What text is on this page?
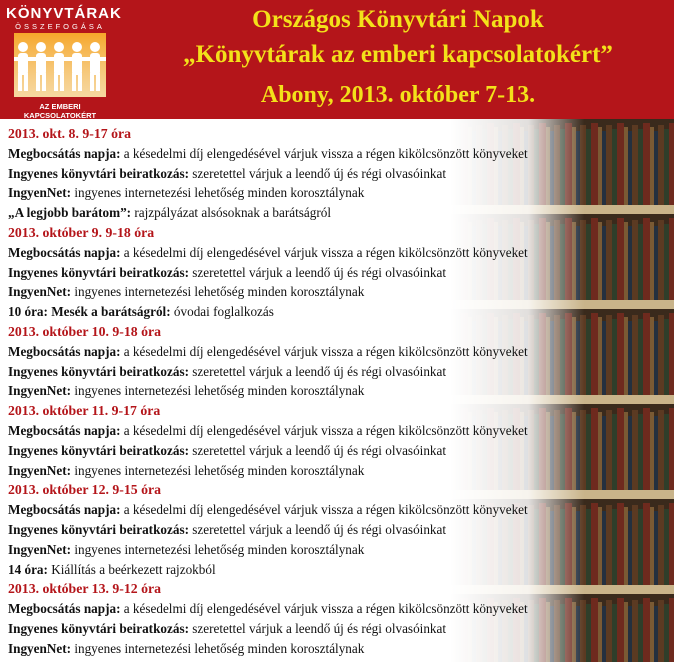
KÖNYVTÁRAK
ÖSSZEFOGÁSA
AZ EMBERI KAPCSOLATOKÉRT
Országos Könyvtári Napok
„Könyvtárak az emberi kapcsolatokért”
Abony, 2013. október 7-13.
2013. okt. 8. 9-17 óra
Megbocsátás napja: a késedelmi díj elengedésével várjuk vissza a régen kikölcsönzött könyveket
Ingyenes könyvtári beiratkozás: szeretettel várjuk a leendő új és régi olvasóinkat
IngyenNet: ingyenes internetezési lehetőség minden korosztálynak
„A legjobb barátom”: rajzpályázat alsósoknak a barátságról
2013. október 9. 9-18 óra
Megbocsátás napja: a késedelmi díj elengedésével várjuk vissza a régen kikölcsönzött könyveket
Ingyenes könyvtári beiratkozás: szeretettel várjuk a leendő új és régi olvasóinkat
IngyenNet: ingyenes internetezési lehetőség minden korosztálynak
10 óra: Mesék a barátságról: óvodai foglalkozás
2013. október 10. 9-18 óra
Megbocsátás napja: a késedelmi díj elengedésével várjuk vissza a régen kikölcsönzött könyveket
Ingyenes könyvtári beiratkozás: szeretettel várjuk a leendő új és régi olvasóinkat
IngyenNet: ingyenes internetezési lehetőség minden korosztálynak
2013. október 11. 9-17 óra
Megbocsátás napja: a késedelmi díj elengedésével várjuk vissza a régen kikölcsönzött könyveket
Ingyenes könyvtári beiratkozás: szeretettel várjuk a leendő új és régi olvasóinkat
IngyenNet: ingyenes internetezési lehetőség minden korosztálynak
2013. október 12. 9-15 óra
Megbocsátás napja: a késedelmi díj elengedésével várjuk vissza a régen kikölcsönzött könyveket
Ingyenes könyvtári beiratkozás: szeretettel várjuk a leendő új és régi olvasóinkat
IngyenNet: ingyenes internetezési lehetőség minden korosztálynak
14 óra: Kiállítás a beérkezett rajzokból
2013. október 13. 9-12 óra
Megbocsátás napja: a késedelmi díj elengedésével várjuk vissza a régen kikölcsönzött könyveket
Ingyenes könyvtári beiratkozás: szeretettel várjuk a leendő új és régi olvasóinkat
IngyenNet: ingyenes internetezési lehetőség minden korosztálynak
